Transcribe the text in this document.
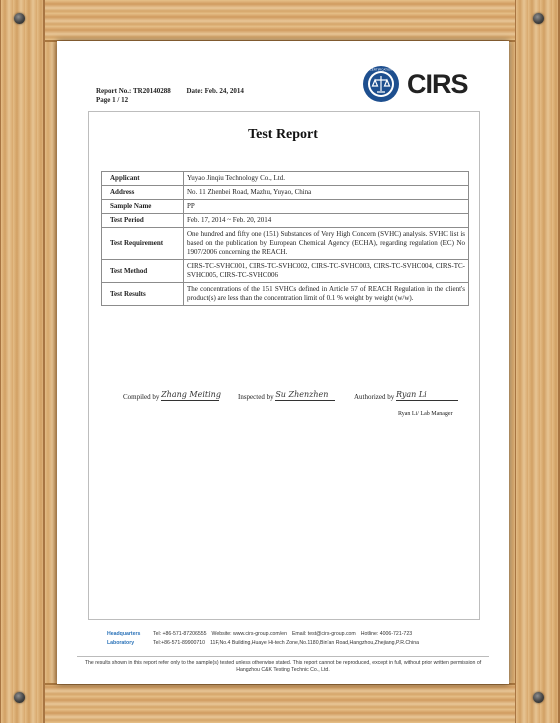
Report No.: TR20140288 Date: Feb. 24, 2014
Page 1 / 12
CERTIFICATION CIRS
Test Report
Applicant	Yuyao Jinqiu Technology Co., Ltd.
Address	No. 11 Zhenbei Road, Mazhu, Yuyao, China
Sample Name	PP
Test Period	Feb. 17, 2014 ~ Feb. 20, 2014
Test Requirement	One hundred and fifty one (151) Substances of Very High Concern (SVHC) analysis. SVHC list is based on the publication by European Chemical Agency (ECHA), regarding regulation (EC) No 1907/2006 concerning the REACH.
Test Method	CIRS-TC-SVHC001, CIRS-TC-SVHC002, CIRS-TC-SVHC003, CIRS-TC-SVHC004, CIRS-TC-SVHC005, CIRS-TC-SVHC006
Test Results	The concentrations of the 151 SVHCs defined in Article 57 of REACH Regulation in the client's product(s) are less than the concentration limit of 0.1 % weight by weight (w/w).
Compiled by Zhang Meiting Inspected by Su Zhenzhen	Authorized by Ryan Li
Ryan Li/ Lab Manager
Headquarters Tel: +86-571-87206555 Website: www.cirs-group.com/en Email: test@cirs-group.com Hotline: 4006-721-723
Laboratory	Tel:+86-571-89900710 11F,No.4 Building,Huaye Hi-tech Zone,No.1180,Bin'an Road,Hangzhou,Zhejiang,P.R.China
The results shown in this report refer only to the sample(s) tested unless otherwise stated. This report cannot be reproduced, except in full, without prior written permission of Hangzhou C&K Testing Technic Co., Ltd.
